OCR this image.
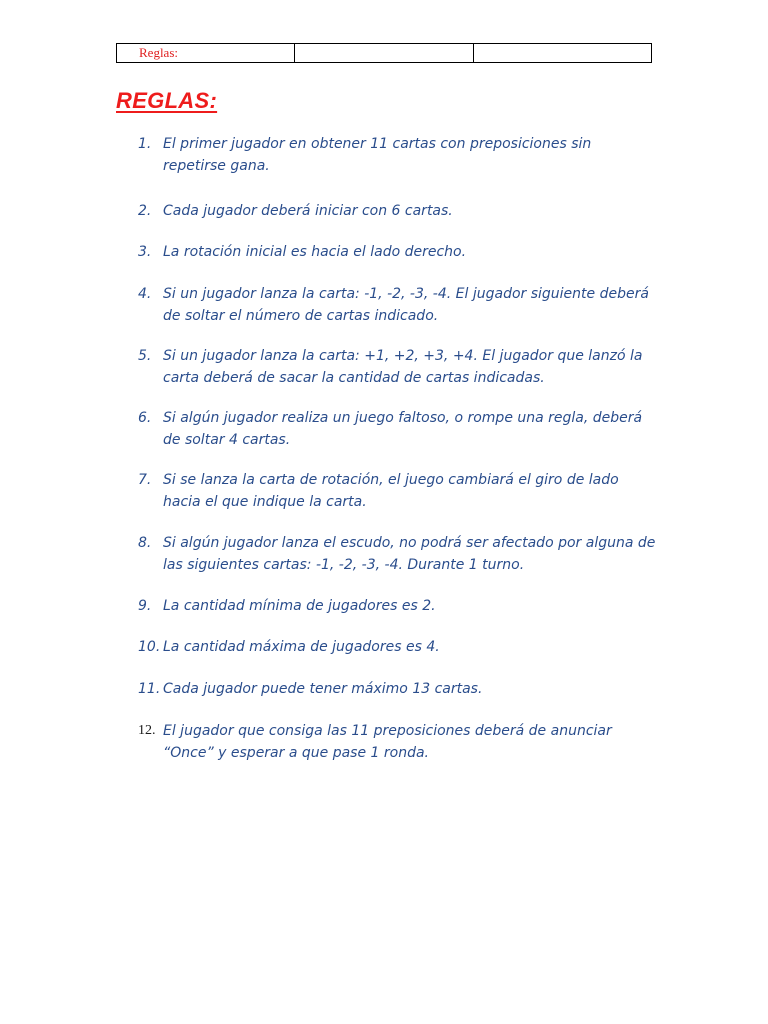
Reglas:		
REGLAS:
1. El primer jugador en obtener 11 cartas con preposiciones sin repetirse gana.
2. Cada jugador deberá iniciar con 6 cartas.
3. La rotación inicial es hacia el lado derecho.
4. Si un jugador lanza la carta: -1, -2, -3, -4. El jugador siguiente deberá de soltar el número de cartas indicado.
5. Si un jugador lanza la carta: +1, +2, +3, +4. El jugador que lanzó la carta deberá de sacar la cantidad de cartas indicadas.
6. Si algún jugador realiza un juego faltoso, o rompe una regla, deberá de soltar 4 cartas.
7. Si se lanza la carta de rotación, el juego cambiará el giro de lado hacia el que indique la carta.
8. Si algún jugador lanza el escudo, no podrá ser afectado por alguna de las siguientes cartas: -1, -2, -3, -4. Durante 1 turno.
9. La cantidad mínima de jugadores es 2.
10. La cantidad máxima de jugadores es 4.
11. Cada jugador puede tener máximo 13 cartas.
12. El jugador que consiga las 11 preposiciones deberá de anunciar “Once” y esperar a que pase 1 ronda.
